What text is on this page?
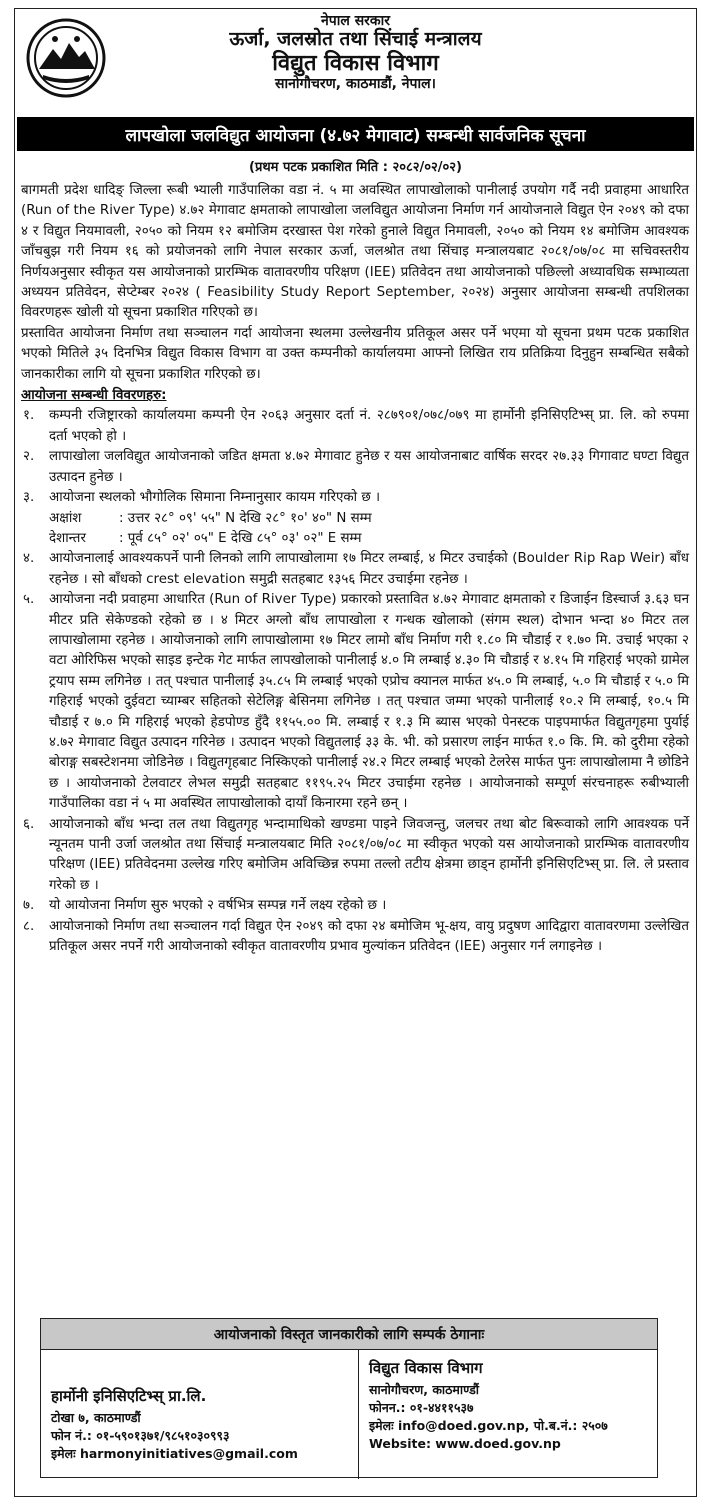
नेपाल सरकार
ऊर्जा, जलस्रोत तथा सिंचाई मन्त्रालय
विद्युत विकास विभाग
सानोगौचरण, काठमाडौं, नेपाल।
लापखोला जलविद्युत आयोजना (४.७२ मेगावाट) सम्बन्धी सार्वजनिक सूचना
(प्रथम पटक प्रकाशित मिति : २०८२/०२/०२)

बागमती प्रदेश धादिङ् जिल्ला रूबी भ्याली गाउँपालिका वडा नं. ५ मा अवस्थित लापाखोलाको पानीलाई उपयोग गर्दै नदी प्रवाहमा आधारित (Run of the River Type) ४.७२ मेगावाट क्षमताको लापाखोला जलविद्युत आयोजना निर्माण गर्न आयोजनाले विद्युत ऐन २०४९ को दफा ४ र विद्युत नियमावली, २०५० को नियम १२ बमोजिम दरखास्त पेश गरेको हुनाले विद्युत निमावली, २०५० को नियम १४ बमोजिम आवश्यक जाँचबुझ गरी नियम १६ को प्रयोजनको लागि नेपाल सरकार ऊर्जा, जलश्रोत तथा सिंचाइ मन्त्रालयबाट २०८१/०७/०८ मा सचिवस्तरीय निर्णयअनुसार स्वीकृत यस आयोजनाको प्रारम्भिक वातावरणीय परिक्षण (IEE) प्रतिवेदन तथा आयोजनाको पछिल्लो अध्यावधिक सम्भाव्यता अध्ययन प्रतिवेदन, सेप्टेम्बर २०२४ ( Feasibility Study Report September, २०२४) अनुसार आयोजना सम्बन्धी तपशिलका विवरणहरू खोली यो सूचना प्रकाशित गरिएको छ।

प्रस्तावित आयोजना निर्माण तथा सञ्चालन गर्दा आयोजना स्थलमा उल्लेखनीय प्रतिकूल असर पर्ने भएमा यो सूचना प्रथम पटक प्रकाशित भएको मितिले ३५ दिनभित्र विद्युत विकास विभाग वा उक्त कम्पनीको कार्यालयमा आफ्नो लिखित राय प्रतिक्रिया दिनुहुन सम्बन्धित सबैको जानकारीका लागि यो सूचना प्रकाशित गरिएको छ।

आयोजना सम्बन्धी विवरणहरु:
१. कम्पनी रजिष्ट्रारको कार्यालयमा कम्पनी ऐन २०६३ अनुसार दर्ता नं. २८७९०१/०७८/०७९ मा हार्मोनी इनिसिएटिभ्स् प्रा. लि. को रुपमा दर्ता भएको हो ।
२. लापाखोला जलविद्युत आयोजनाको जडित क्षमता ४.७२ मेगावाट हुनेछ र यस आयोजनाबाट वार्षिक सरदर २७.३३ गिगावाट घण्टा विद्युत उत्पादन हुनेछ ।
३. आयोजना स्थलको भौगोलिक सिमाना निम्नानुसार कायम गरिएको छ ।
अक्षांश	: उत्तर २८° ०९' ५५" N देखि २८° १०' ४०" N सम्म
देशान्तर	: पूर्व ८५° ०२' ०५" E देखि ८५° ०३' ०२" E सम्म
४. आयोजनालाई आवश्यकपर्ने पानी लिनको लागि लापाखोलामा १७ मिटर लम्बाई, ४ मिटर उचाईको (Boulder Rip Rap Weir) बाँध रहनेछ । सो बाँधको crest elevation समुद्री सतहबाट १३५६ मिटर उचाईमा रहनेछ ।
५. आयोजना नदी प्रवाहमा आधारित (Run of River Type) प्रकारको प्रस्तावित ४.७२ मेगावाट क्षमताको र डिजाईन डिस्चार्ज ३.६३ घन मीटर प्रति सेकेण्डको रहेको छ । ४ मिटर अग्लो बाँध लापाखोला र गन्धक खोलाको (संगम स्थल) दोभान भन्दा ४० मिटर तल लापाखोलामा रहनेछ । आयोजनाको लागि लापाखोलामा १७ मिटर लामो बाँध निर्माण गरी १.८० मि चौडाई र १.७० मि. उचाई भएका २ वटा ओरिफिस भएको साइड इन्टेक गेट मार्फत लापखोलाको पानीलाई ४.० मि लम्बाई ४.३० मि चौडाई र ४.१५ मि गहिराई भएको ग्रामेल ट्रयाप सम्म लगिनेछ । तत् पश्चात पानीलाई ३५.८५ मि लम्बाई भएको एप्रोच क्यानल मार्फत ४५.० मि लम्बाई, ५.० मि चौडाई र ५.० मि गहिराई भएको दुईवटा च्याम्बर सहितको सेटेलिङ्ग बेसिनमा लगिनेछ । तत् पश्चात जम्मा भएको पानीलाई १०.२ मि लम्बाई, १०.५ मि चौडाई र ७.० मि गहिराई भएको हेडपोण्ड हुँदै ११५५.०० मि. लम्बाई र १.३ मि ब्यास भएको पेनस्टक पाइपमार्फत विद्युतगृहमा पुर्याई ४.७२ मेगावाट विद्युत उत्पादन गरिनेछ । उत्पादन भएको विद्युतलाई ३३ के. भी. को प्रसारण लाईन मार्फत १.० कि. मि. को दुरीमा रहेको बोराङ्ग सबस्टेशनमा जोडिनेछ । विद्युतगृहबाट निस्किएको पानीलाई २४.२ मिटर लम्बाई भएको टेलरेस मार्फत पुनः लापाखोलामा नै छोडिने छ । आयोजनाको टेलवाटर लेभल समुद्री सतहबाट ११९५.२५ मिटर उचाईमा रहनेछ । आयोजनाको सम्पूर्ण संरचनाहरू रुबीभ्याली गाउँपालिका वडा नं ५ मा अवस्थित लापाखोलाको दायाँ किनारमा रहने छन् ।
६. आयोजनाको बाँध भन्दा तल तथा विद्युतगृह भन्दामाथिको खण्डमा पाइने जिवजन्तु, जलचर तथा बोट बिरूवाको लागि आवश्यक पर्ने न्यूनतम पानी उर्जा जलश्रोत तथा सिंचाई मन्त्रालयबाट मिति २०८१/०७/०८ मा स्वीकृत भएको यस आयोजनाको प्रारम्भिक वातावरणीय परिक्षण (IEE) प्रतिवेदनमा उल्लेख गरिए बमोजिम अविच्छिन्न रुपमा तल्लो तटीय क्षेत्रमा छाड्न हार्मोनी इनिसिएटिभ्स् प्रा. लि. ले प्रस्ताव गरेको छ ।
७. यो आयोजना निर्माण सुरु भएको २ वर्षभित्र सम्पन्न गर्ने लक्ष्य रहेको छ ।
८. आयोजनाको निर्माण तथा सञ्चालन गर्दा विद्युत ऐन २०४९ को दफा २४ बमोजिम भू-क्षय, वायु प्रदुषण आदिद्वारा वातावरणमा उल्लेखित प्रतिकूल असर नपर्ने गरी आयोजनाको स्वीकृत वातावरणीय प्रभाव मुल्यांकन प्रतिवेदन (IEE) अनुसार गर्न लगाइनेछ ।
आयोजनाको विस्तृत जानकारीको लागि सम्पर्क ठेगानाः
हार्मोनी इनिसिएटिभ्स् प्रा.लि.
टोखा ७, काठमाण्डौं
फोन नं.: ०१-५९०१३७१/९८५१०३०९९३
इमेलः harmonyinitiatives@gmail.com
विद्युत विकास विभाग
सानोगौचरण, काठमाण्डौं
फोनन.: ०१-४४११५३७
इमेलः info@doed.gov.np, पो.ब.नं.: २५०७
Website: www.doed.gov.np
